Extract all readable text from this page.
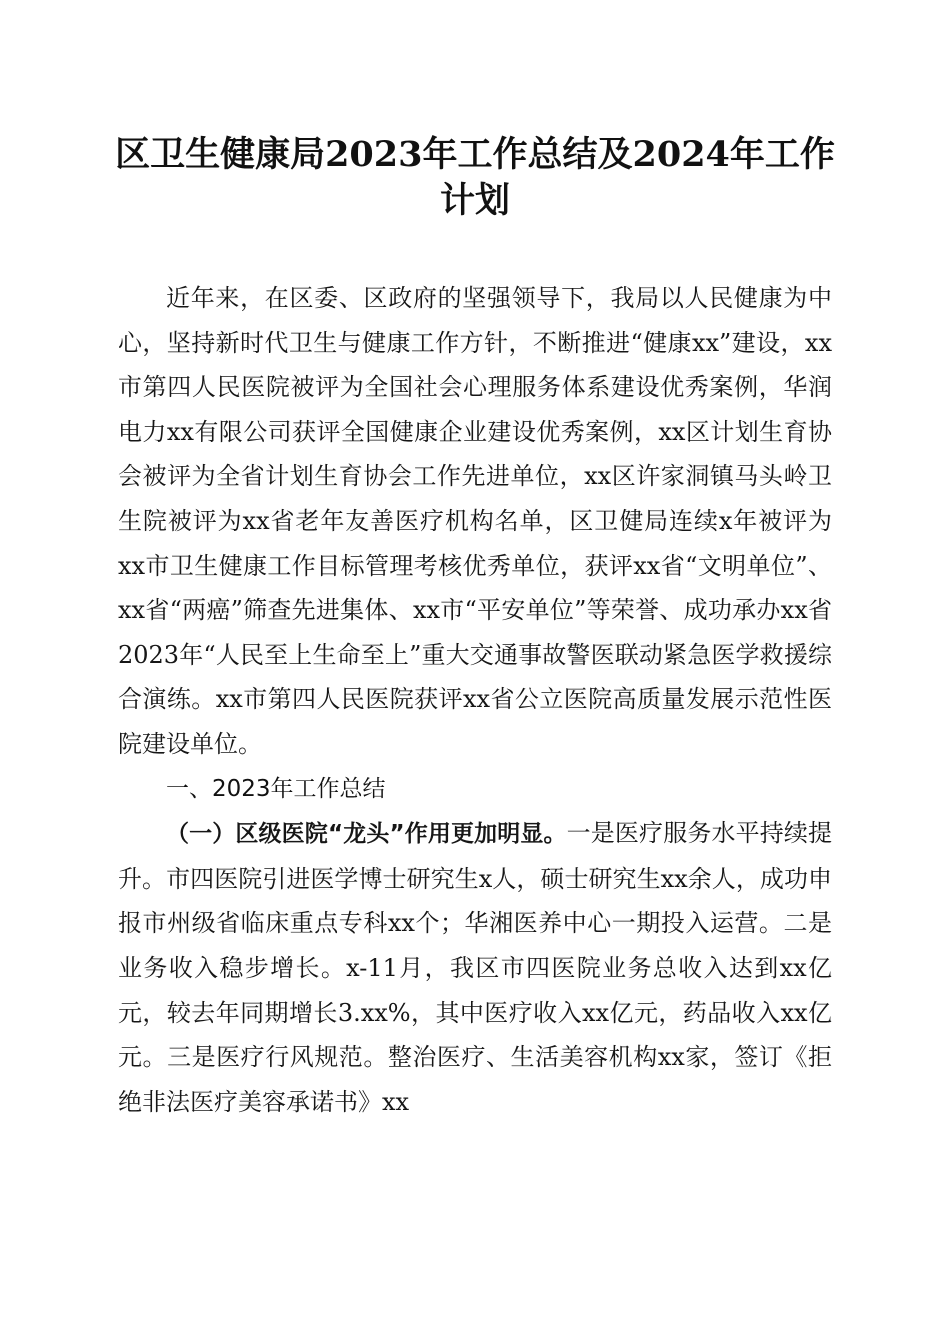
区卫生健康局2023年工作总结及2024年工作计划

近年来，在区委、区政府的坚强领导下，我局以人民健康为中心，坚持新时代卫生与健康工作方针，不断推进“健康xx”建设，xx市第四人民医院被评为全国社会心理服务体系建设优秀案例，华润电力xx有限公司获评全国健康企业建设优秀案例，xx区计划生育协会被评为全省计划生育协会工作先进单位，xx区许家洞镇马头岭卫生院被评为xx省老年友善医疗机构名单，区卫健局连续x年被评为xx市卫生健康工作目标管理考核优秀单位，获评xx省“文明单位”、xx省“两癌”筛查先进集体、xx市“平安单位”等荣誉、成功承办xx省2023年“人民至上生命至上”重大交通事故警医联动紧急医学救援综合演练。xx市第四人民医院获评xx省公立医院高质量发展示范性医院建设单位。

一、2023年工作总结

（一）区级医院“龙头”作用更加明显。一是医疗服务水平持续提升。市四医院引进医学博士研究生x人，硕士研究生xx余人，成功申报市州级省临床重点专科xx个；华湘医养中心一期投入运营。二是业务收入稳步增长。x-11月，我区市四医院业务总收入达到xx亿元，较去年同期增长3.xx%，其中医疗收入xx亿元，药品收入xx亿元。三是医疗行风规范。整治医疗、生活美容机构xx家，签订《拒绝非法医疗美容承诺书》xx
